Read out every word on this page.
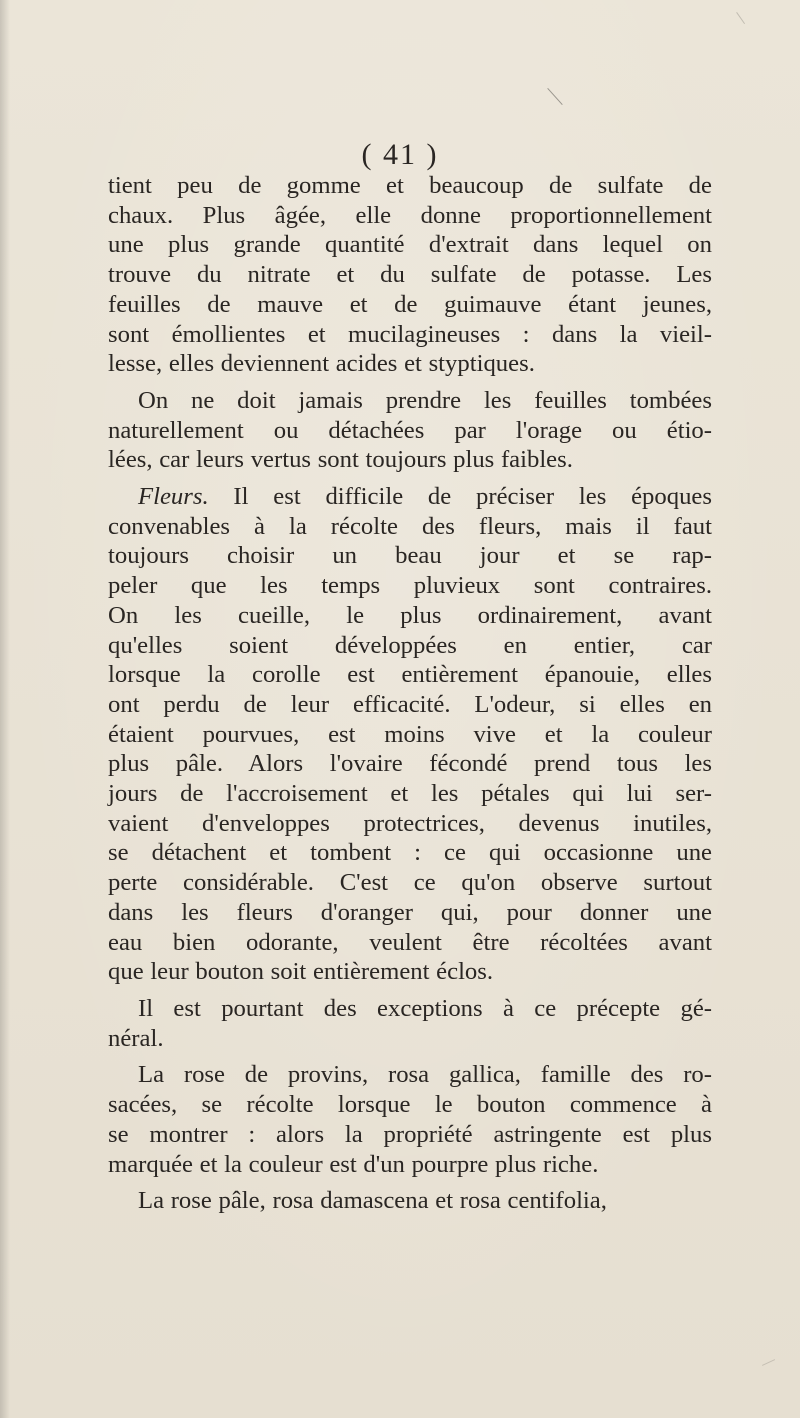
( 41 )

tient peu de gomme et beaucoup de sulfate de
chaux. Plus âgée, elle donne proportionnellement
une plus grande quantité d'extrait dans lequel on
trouve du nitrate et du sulfate de potasse. Les
feuilles de mauve et de guimauve étant jeunes,
sont émollientes et mucilagineuses : dans la vieil-
lesse, elles deviennent acides et styptiques.

On ne doit jamais prendre les feuilles tombées
naturellement ou détachées par l'orage ou étio-
lées, car leurs vertus sont toujours plus faibles.

Fleurs. Il est difficile de préciser les époques
convenables à la récolte des fleurs, mais il faut
toujours choisir un beau jour et se rap-
peler que les temps pluvieux sont contraires.
On les cueille, le plus ordinairement, avant
qu'elles soient développées en entier, car
lorsque la corolle est entièrement épanouie, elles
ont perdu de leur efficacité. L'odeur, si elles en
étaient pourvues, est moins vive et la couleur
plus pâle. Alors l'ovaire fécondé prend tous les
jours de l'accroisement et les pétales qui lui ser-
vaient d'enveloppes protectrices, devenus inutiles,
se détachent et tombent : ce qui occasionne une
perte considérable. C'est ce qu'on observe surtout
dans les fleurs d'oranger qui, pour donner une
eau bien odorante, veulent être récoltées avant
que leur bouton soit entièrement éclos.

Il est pourtant des exceptions à ce précepte gé-
néral.

La rose de provins, rosa gallica, famille des ro-
sacées, se récolte lorsque le bouton commence à
se montrer : alors la propriété astringente est plus
marquée et la couleur est d'un pourpre plus riche.

La rose pâle, rosa damascena et rosa centifolia,
